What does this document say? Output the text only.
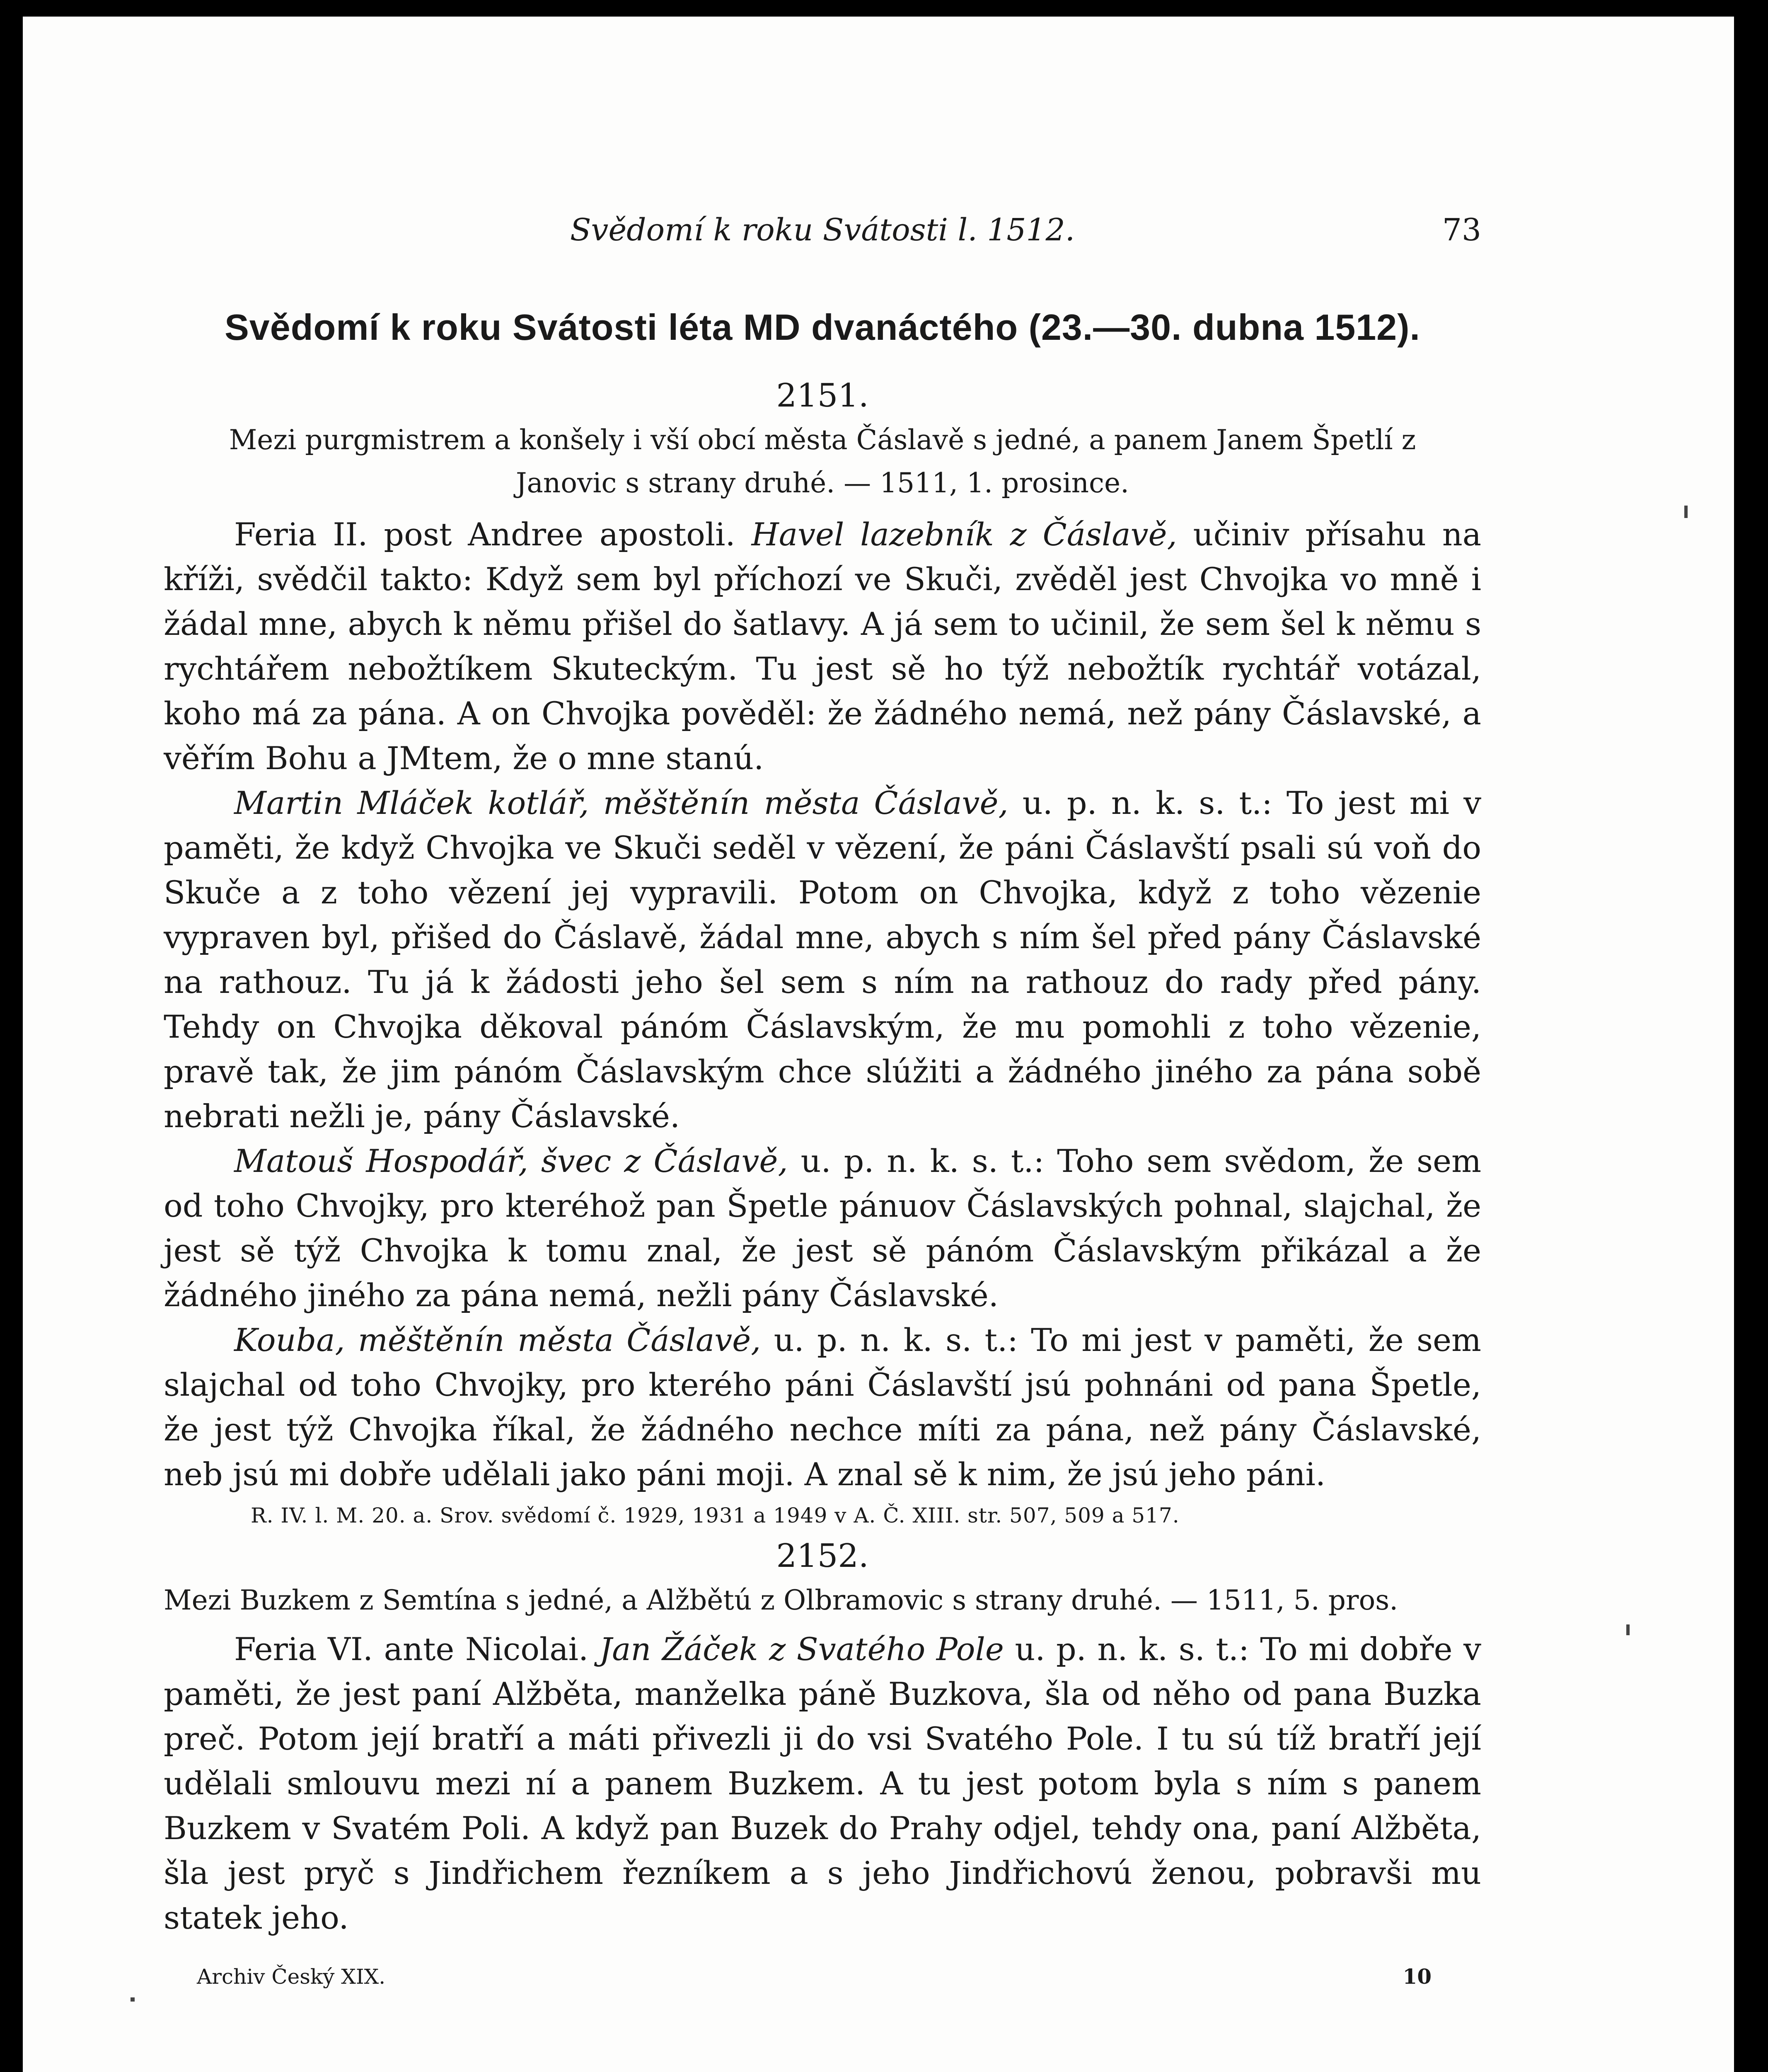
Svědomí k roku Svátosti l. 1512.	73
Svědomí k roku Svátosti léta MD dvanáctého (23.—30. dubna 1512).
2151.
Mezi purgmistrem a konšely i vší obcí města Čáslavě s jedné, a panem Janem Špetlí z Janovic s strany druhé. — 1511, 1. prosince.

Feria II. post Andree apostoli. Havel lazebník z Čáslavě, učiniv přísahu na kříži, svědčil takto: Když sem byl příchozí ve Skuči, zvěděl jest Chvojka vo mně i žádal mne, abych k němu přišel do šatlavy. A já sem to učinil, že sem šel k němu s rychtářem nebožtíkem Skuteckým. Tu jest sě ho týž nebožtík rychtář votázal, koho má za pána. A on Chvojka pověděl: že žádného nemá, než pány Čáslavské, a věřím Bohu a JMtem, že o mne stanú.

Martin Mláček kotlář, měštěnín města Čáslavě, u. p. n. k. s. t.: To jest mi v paměti, že když Chvojka ve Skuči seděl v vězení, že páni Čáslavští psali sú voň do Skuče a z toho vězení jej vypravili. Potom on Chvojka, když z toho vězenie vypraven byl, přišed do Čáslavě, žádal mne, abych s ním šel před pány Čáslavské na rathouz. Tu já k žádosti jeho šel sem s ním na rathouz do rady před pány. Tehdy on Chvojka děkoval pánóm Čáslavským, že mu pomohli z toho vězenie, pravě tak, že jim pánóm Čáslavským chce slúžiti a žádného jiného za pána sobě nebrati nežli je, pány Čáslavské.

Matouš Hospodář, švec z Čáslavě, u. p. n. k. s. t.: Toho sem svědom, že sem od toho Chvojky, pro kteréhož pan Špetle pánuov Čáslavských pohnal, slajchal, že jest sě týž Chvojka k tomu znal, že jest sě pánóm Čáslavským přikázal a že žádného jiného za pána nemá, nežli pány Čáslavské.

Kouba, měštěnín města Čáslavě, u. p. n. k. s. t.: To mi jest v paměti, že sem slajchal od toho Chvojky, pro kterého páni Čáslavští jsú pohnáni od pana Špetle, že jest týž Chvojka říkal, že žádného nechce míti za pána, než pány Čáslavské, neb jsú mi dobře udělali jako páni moji. A znal sě k nim, že jsú jeho páni.

R. IV. l. M. 20. a. Srov. svědomí č. 1929, 1931 a 1949 v A. Č. XIII. str. 507, 509 a 517.
2152.
Mezi Buzkem z Semtína s jedné, a Alžbětú z Olbramovic s strany druhé. — 1511, 5. pros.

Feria VI. ante Nicolai. Jan Žáček z Svatého Pole u. p. n. k. s. t.: To mi dobře v paměti, že jest paní Alžběta, manželka páně Buzkova, šla od něho od pana Buzka preč. Potom její bratří a máti přivezli ji do vsi Svatého Pole. I tu sú tíž bratří její udělali smlouvu mezi ní a panem Buzkem. A tu jest potom byla s ním s panem Buzkem v Svatém Poli. A když pan Buzek do Prahy odjel, tehdy ona, paní Alžběta, šla jest pryč s Jindřichem řezníkem a s jeho Jindřichovú ženou, pobravši mu statek jeho.

Archiv Český XIX.	10
